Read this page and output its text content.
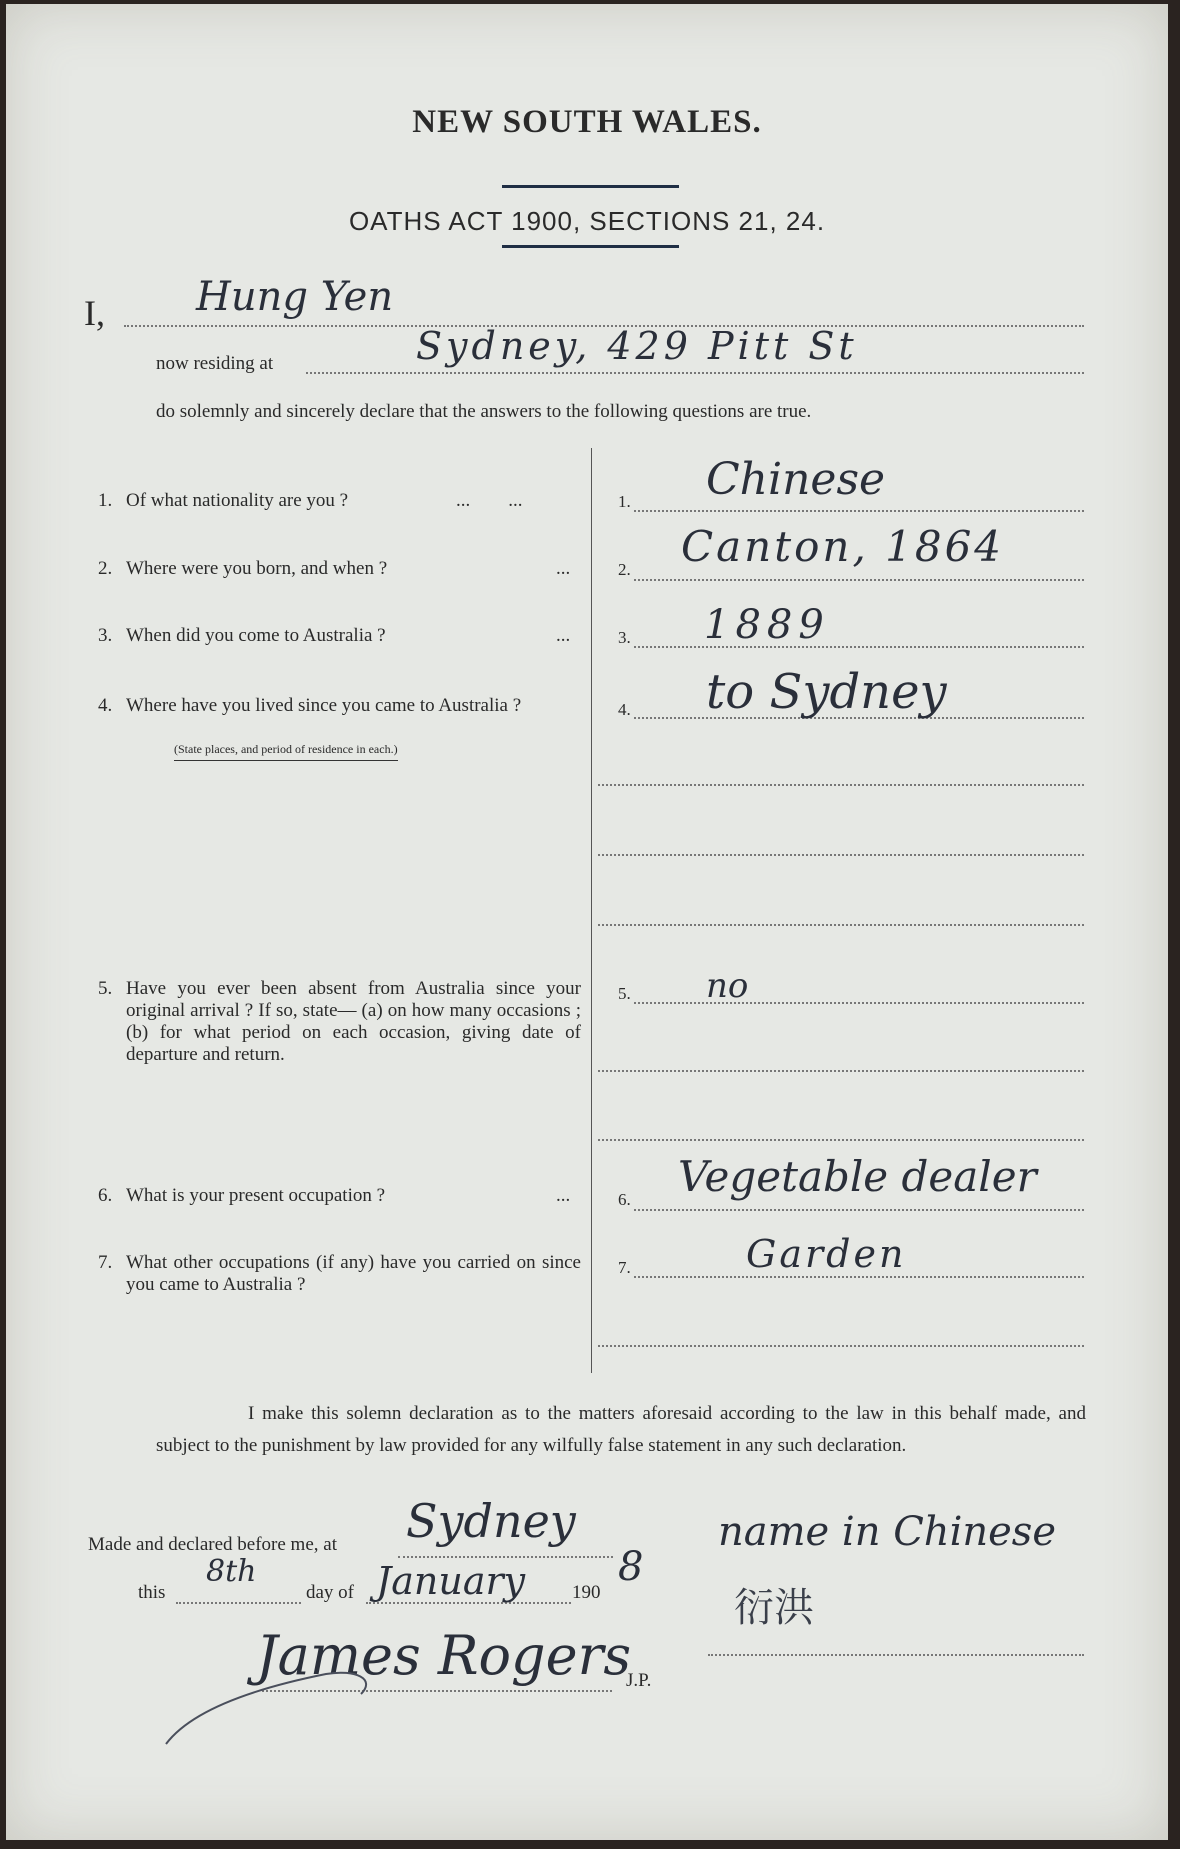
NEW SOUTH WALES.
OATHS ACT 1900, SECTIONS 21, 24.
I, Hung Yen
now residing at	Sydney, 429 Pitt St
do solemnly and sincerely declare that the answers to the following questions are true.
1. Of what nationality are you ?	...        ...	1. Chinese
2. Where were you born, and when ?	...	2. Canton, 1864
3. When did you come to Australia ?	...	3. 1889
4. Where have you lived since you came to Australia ?
(State places, and period of residence in each.)
4. to Sydney
5. Have you ever been absent from Australia since your original arrival ? If so, state— (a) on how many occasions ; (b) for what period on each occasion, giving date of departure and return.
5. no
6. What is your present occupation ?	...	6. Vegetable dealer
7. What other occupations (if any) have you carried on since you came to Australia ?
7.	Garden
I make this solemn declaration as to the matters aforesaid according to the law in this behalf made, and subject to the punishment by law provided for any wilfully false statement in any such declaration.
Made and declared before me, at Sydney
this
8th
day of January 190
8
James Rogers
J.P.
name in Chinese
衍洪
